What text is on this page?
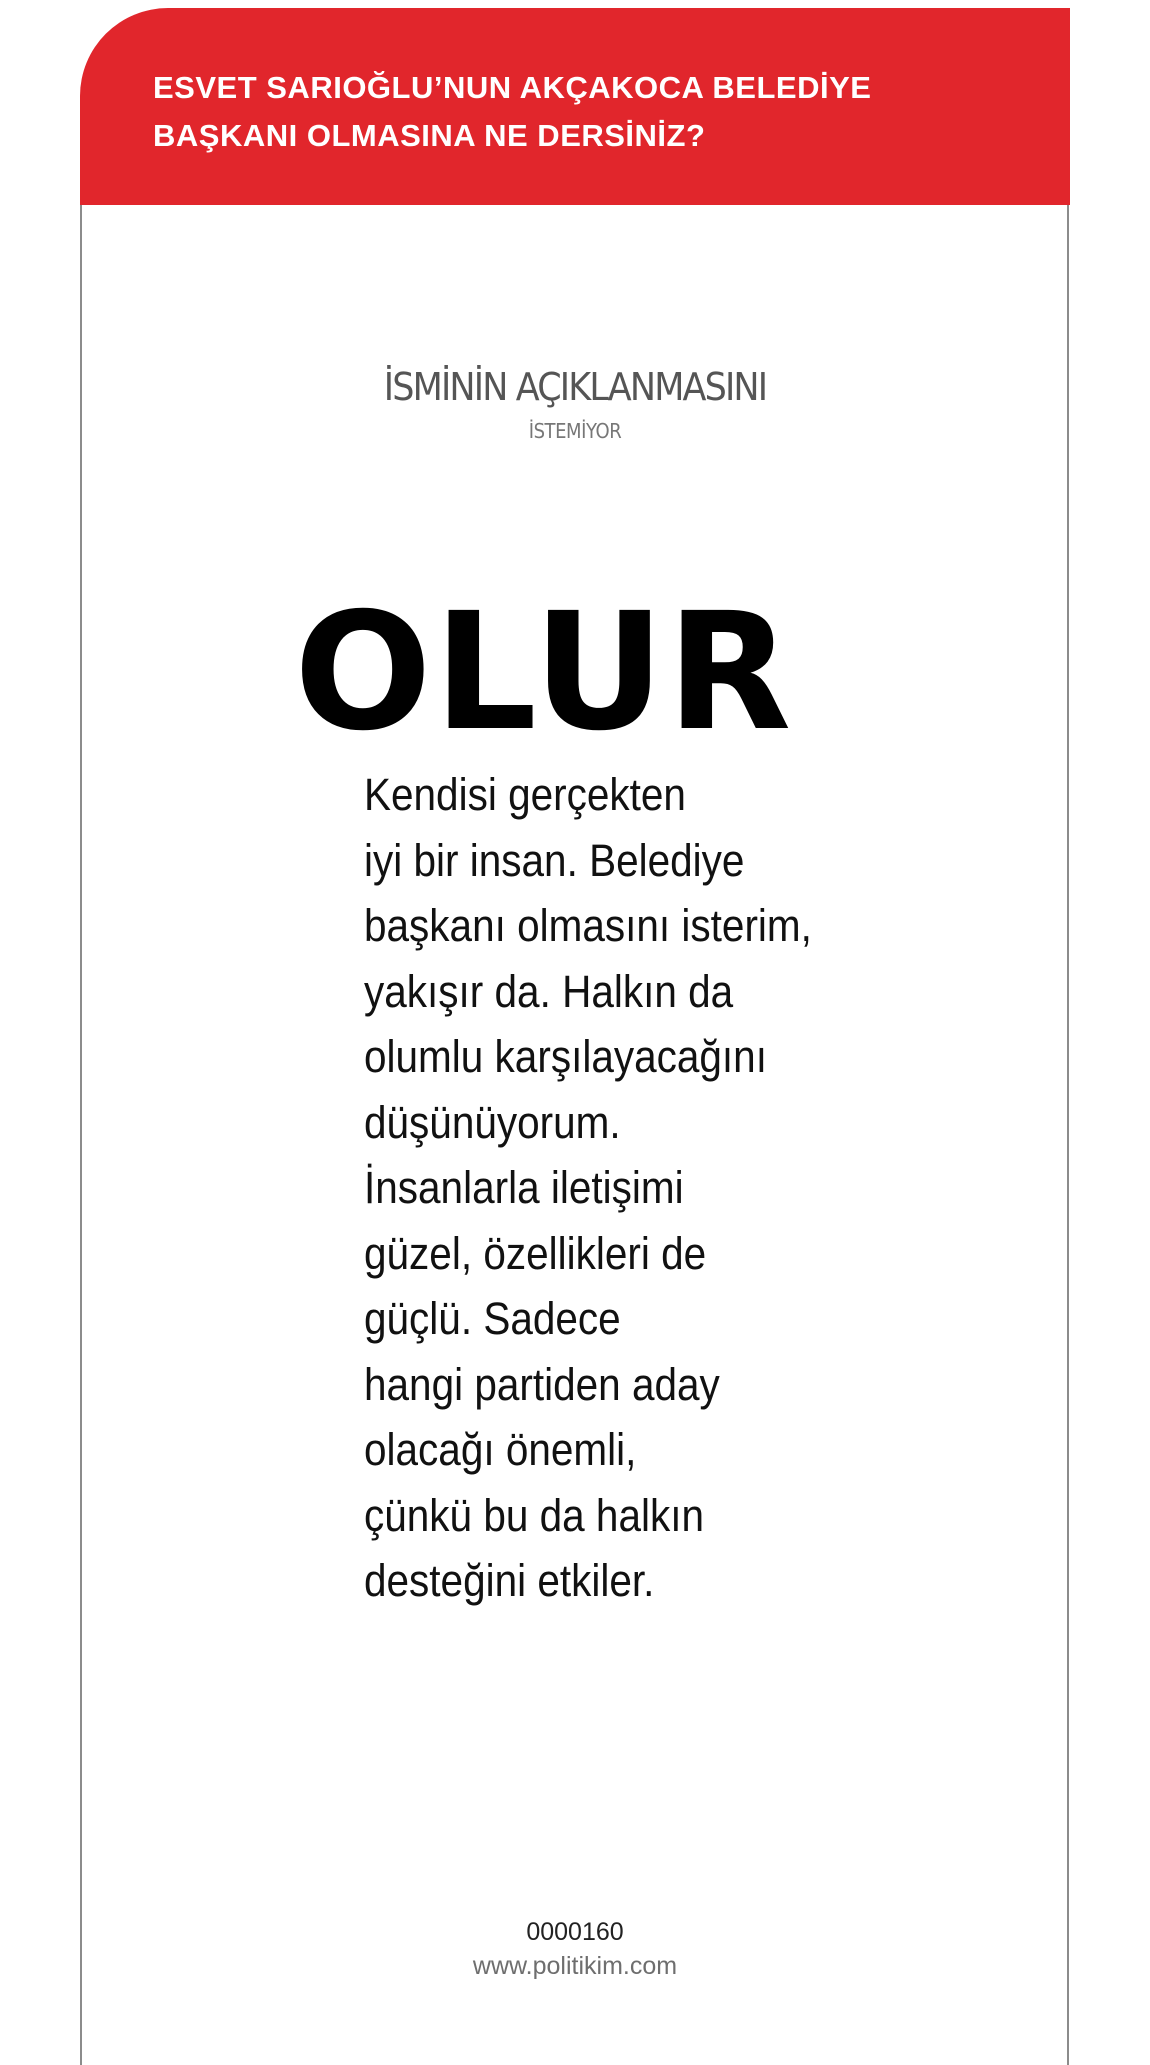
ESVET SARIOĞLU’NUN AKÇAKOCA BELEDİYE BAŞKANI OLMASINA NE DERSİNİZ?
İSMİNİN AÇIKLANMASINI
İSTEMİYOR
OLUR
Kendisi gerçekten
iyi bir insan. Belediye
başkanı olmasını isterim,
yakışır da. Halkın da
olumlu karşılayacağını
düşünüyorum.
İnsanlarla iletişimi
güzel, özellikleri de
güçlü. Sadece
hangi partiden aday
olacağı önemli,
çünkü bu da halkın
desteğini etkiler.
0000160
www.politikim.com
